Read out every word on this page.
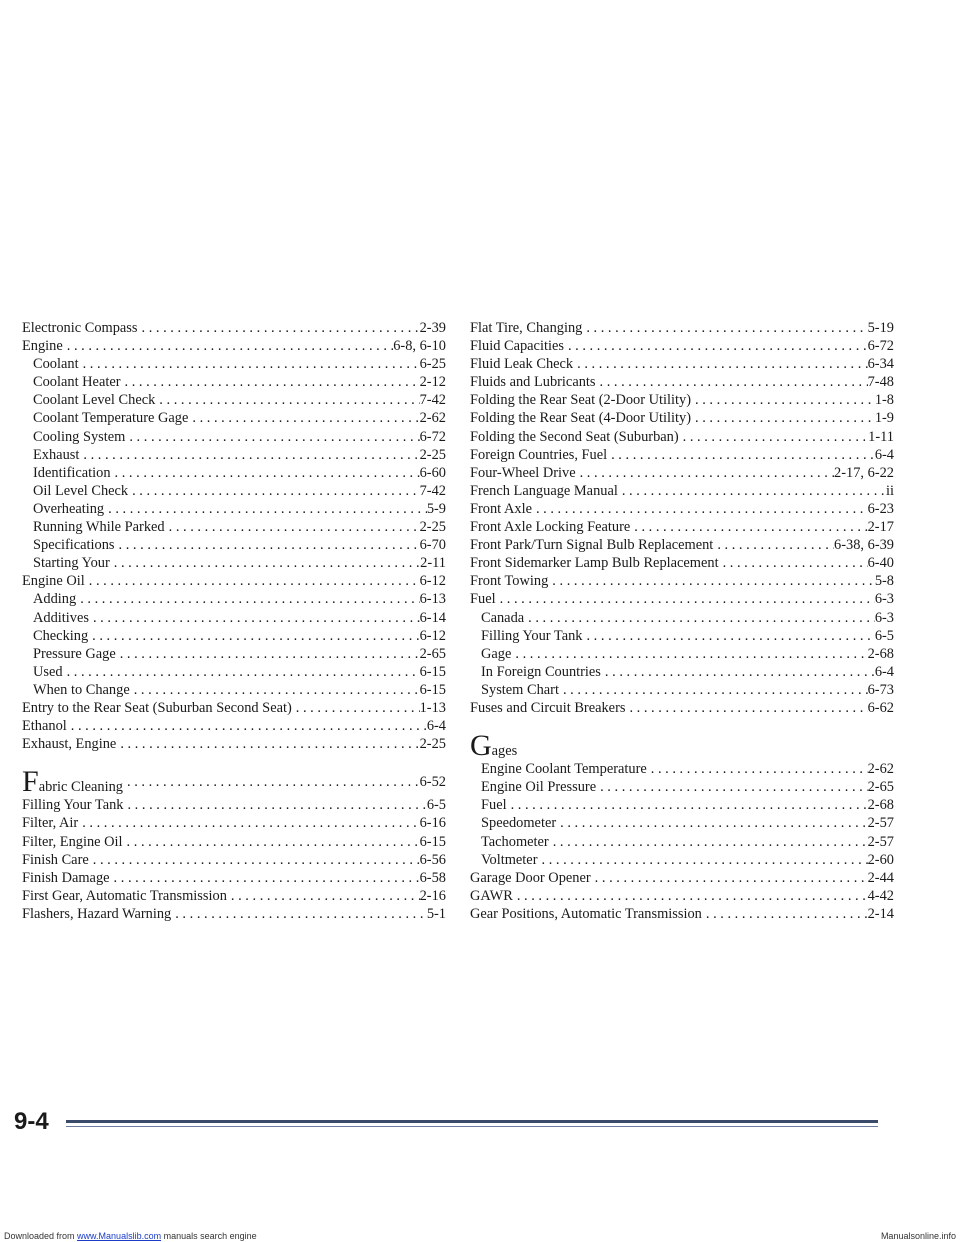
Electronic Compass . . .	2-39
Engine . . .	6-8, 6-10
Coolant . . .	6-25
Coolant Heater . . .	2-12
Coolant Level Check . . .	7-42
Coolant Temperature Gage . . .	2-62
Cooling System . . .	6-72
Exhaust . . .	2-25
Identification . . .	6-60
Oil Level Check . . .	7-42
Overheating . . .	5-9
Running While Parked . . .	2-25
Specifications . . .	6-70
Starting Your . . .	2-11
Engine Oil . . .	6-12
Adding . . .	6-13
Additives . . .	6-14
Checking . . .	6-12
Pressure Gage . . .	2-65
Used . . .	6-15
When to Change . . .	6-15
Entry to the Rear Seat (Suburban Second Seat) . . .	1-13
Ethanol . . .	6-4
Exhaust, Engine . . .	2-25
Fabric Cleaning . . .	6-52
Filling Your Tank . . .	6-5
Filter, Air . . .	6-16
Filter, Engine Oil . . .	6-15
Finish Care . . .	6-56
Finish Damage . . .	6-58
First Gear, Automatic Transmission . . .	2-16
Flashers, Hazard Warning . . .	5-1
Flat Tire, Changing . . .	5-19
Fluid Capacities . . .	6-72
Fluid Leak Check . . .	6-34
Fluids and Lubricants . . .	7-48
Folding the Rear Seat (2-Door Utility) . . .	1-8
Folding the Rear Seat (4-Door Utility) . . .	1-9
Folding the Second Seat (Suburban) . . .	1-11
Foreign Countries, Fuel . . .	6-4
Four-Wheel Drive . . .	2-17, 6-22
French Language Manual . . .	ii
Front Axle . . .	6-23
Front Axle Locking Feature . . .	2-17
Front Park/Turn Signal Bulb Replacement . . .	6-38, 6-39
Front Sidemarker Lamp Bulb Replacement . . .	6-40
Front Towing . . .	5-8
Fuel . . .	6-3
Canada . . .	6-3
Filling Your Tank . . .	6-5
Gage . . .	2-68
In Foreign Countries . . .	6-4
System Chart . . .	6-73
Fuses and Circuit Breakers . . .	6-62
Gages
Engine Coolant Temperature . . .	2-62
Engine Oil Pressure . . .	2-65
Fuel . . .	2-68
Speedometer . . .	2-57
Tachometer . . .	2-57
Voltmeter . . .	2-60
Garage Door Opener . . .	2-44
GAWR . . .	4-42
Gear Positions, Automatic Transmission . . .	2-14
9-4
Downloaded from www.Manualslib.com manuals search engine	Manualsonline.info
